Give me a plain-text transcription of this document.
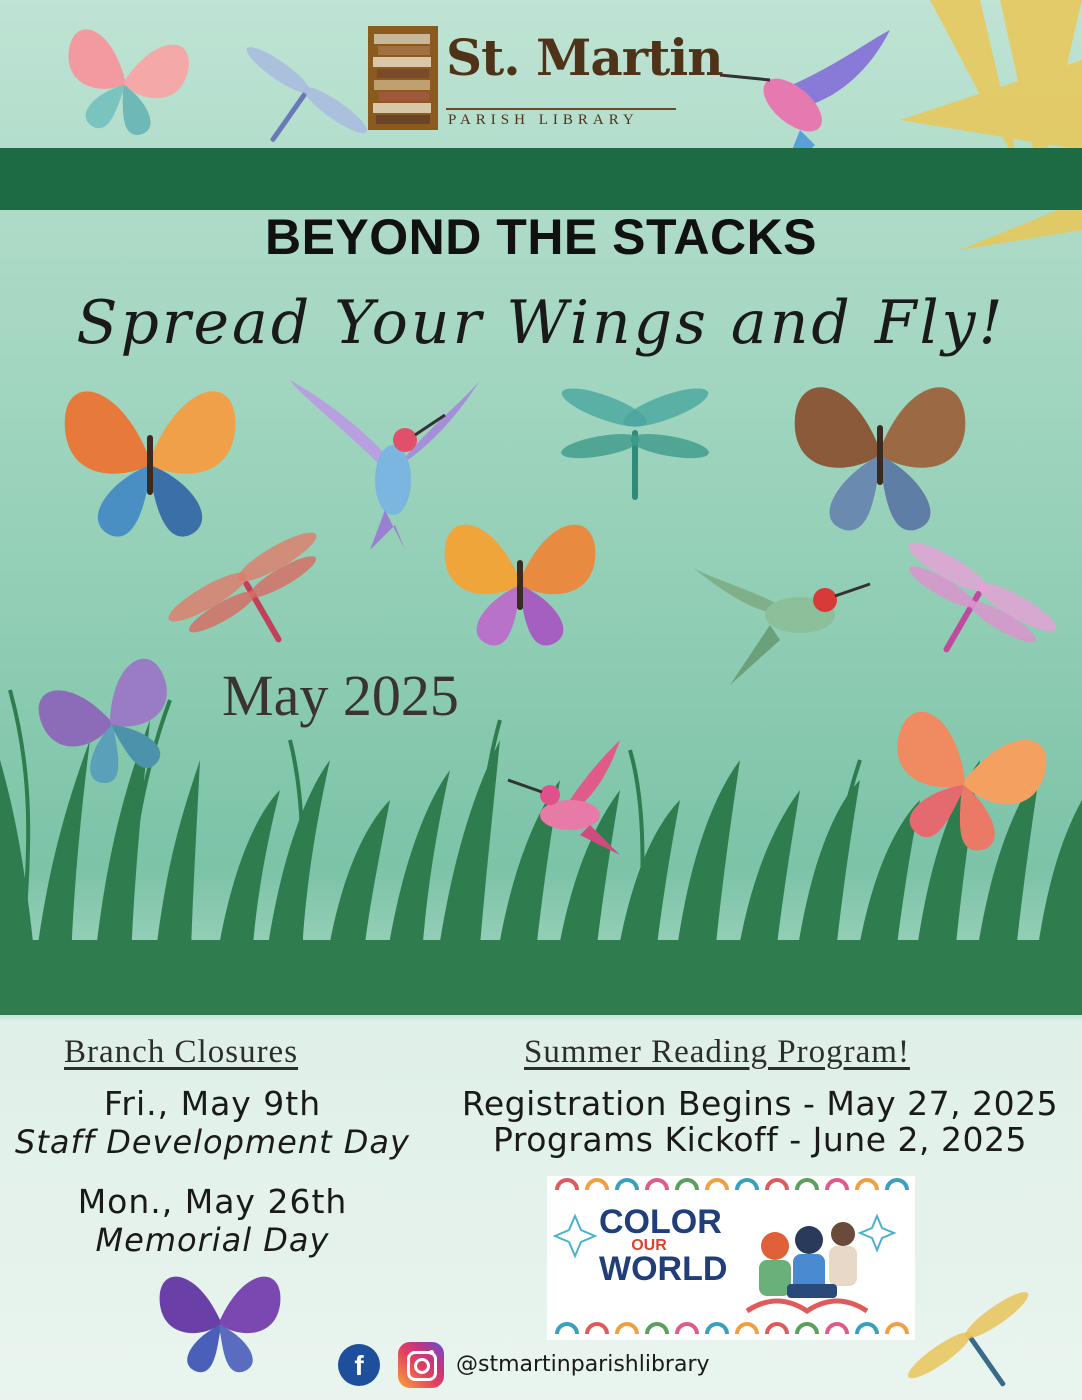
St. Martin
PARISH LIBRARY
BEYOND THE STACKS
Spread Your Wings and Fly!
May 2025
Branch Closures
Fri., May 9th
Staff Development Day
Mon., May 26th
Memorial Day
Summer Reading Program!
Registration Begins - May 27, 2025
Programs Kickoff - June 2, 2025
COLOR
OUR
WORLD
f	@stmartinparishlibrary
